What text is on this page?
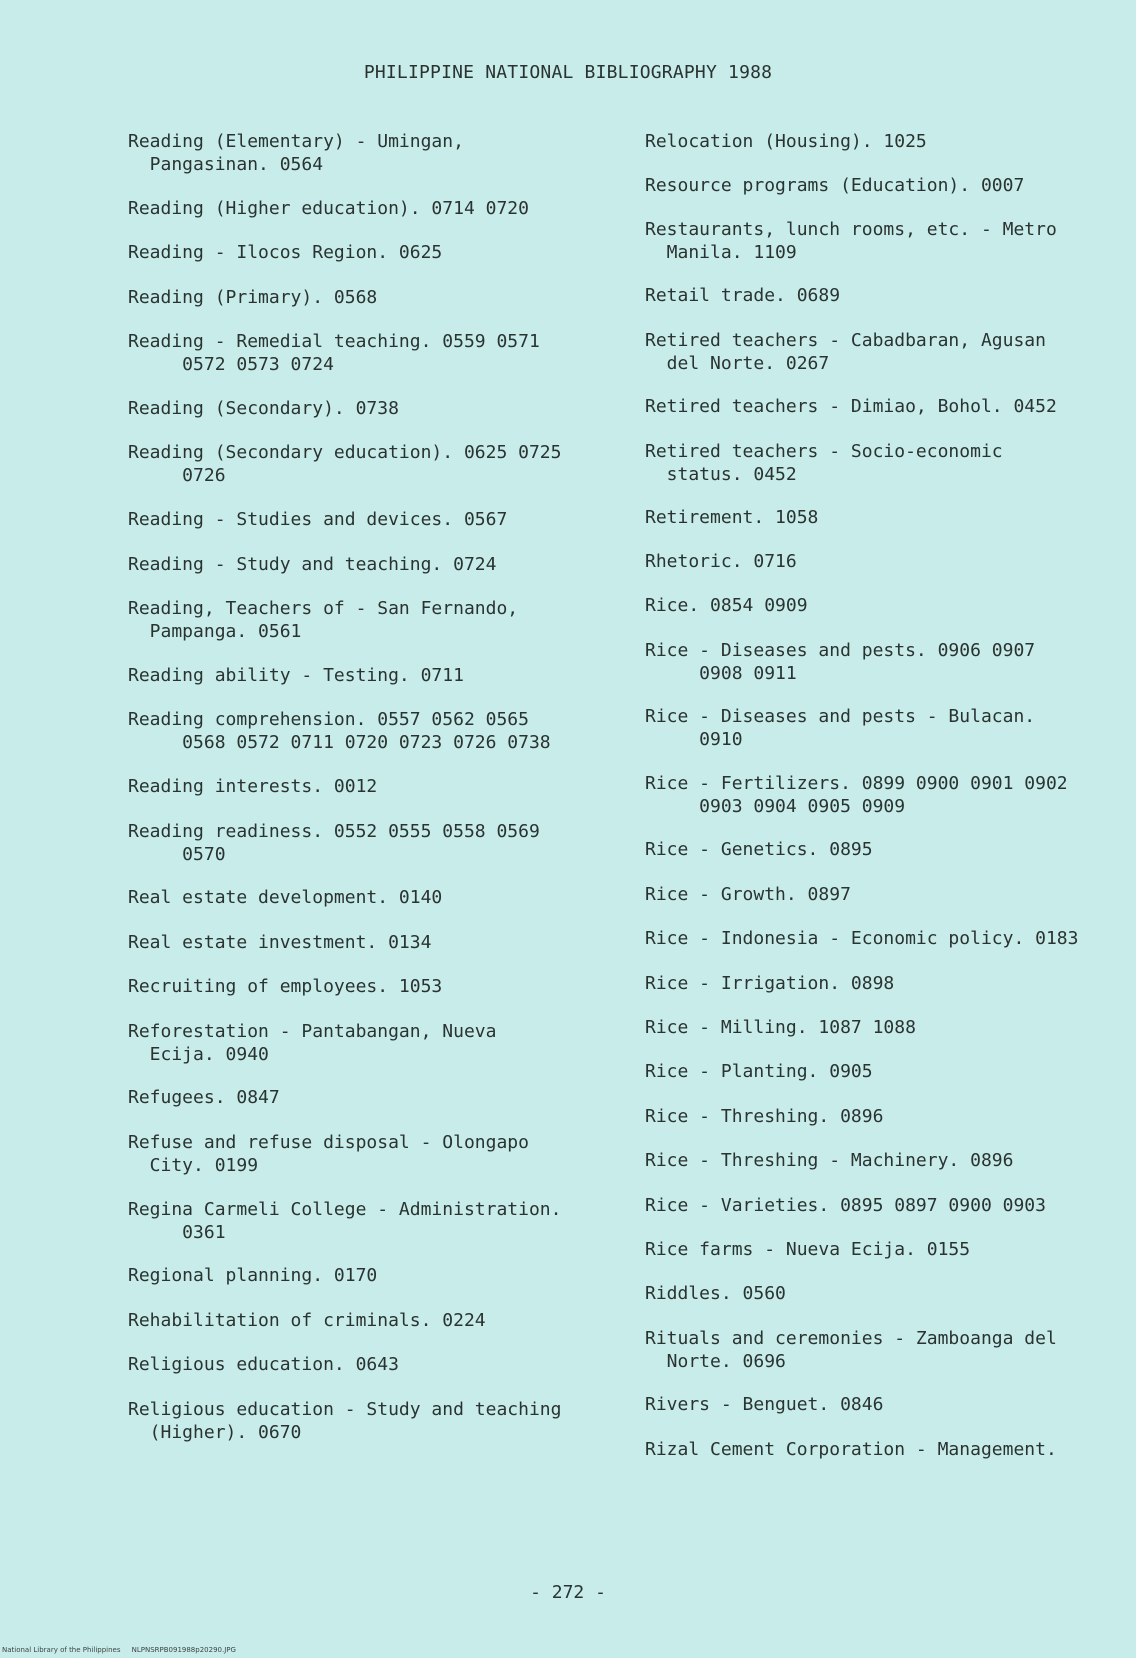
PHILIPPINE NATIONAL BIBLIOGRAPHY 1988
Reading (Elementary) - Umingan,
Pangasinan. 0564
Reading (Higher education). 0714 0720
Reading - Ilocos Region. 0625
Reading (Primary). 0568
Reading - Remedial teaching. 0559 0571
0572 0573 0724
Reading (Secondary). 0738
Reading (Secondary education). 0625 0725
0726
Reading - Studies and devices. 0567
Reading - Study and teaching. 0724
Reading, Teachers of - San Fernando,
Pampanga. 0561
Reading ability - Testing. 0711
Reading comprehension. 0557 0562 0565
0568 0572 0711 0720 0723 0726 0738
Reading interests. 0012
Reading readiness. 0552 0555 0558 0569
0570
Real estate development. 0140
Real estate investment. 0134
Recruiting of employees. 1053
Reforestation - Pantabangan, Nueva
Ecija. 0940
Refugees. 0847
Refuse and refuse disposal - Olongapo
City. 0199
Regina Carmeli College - Administration.
0361
Regional planning. 0170
Rehabilitation of criminals. 0224
Religious education. 0643
Religious education - Study and teaching
(Higher). 0670
Relocation (Housing). 1025
Resource programs (Education). 0007
Restaurants, lunch rooms, etc. - Metro
Manila. 1109
Retail trade. 0689
Retired teachers - Cabadbaran, Agusan
del Norte. 0267
Retired teachers - Dimiao, Bohol. 0452
Retired teachers - Socio-economic
status. 0452
Retirement. 1058
Rhetoric. 0716
Rice. 0854 0909
Rice - Diseases and pests. 0906 0907
0908 0911
Rice - Diseases and pests - Bulacan.
0910
Rice - Fertilizers. 0899 0900 0901 0902
0903 0904 0905 0909
Rice - Genetics. 0895
Rice - Growth. 0897
Rice - Indonesia - Economic policy. 0183
Rice - Irrigation. 0898
Rice - Milling. 1087 1088
Rice - Planting. 0905
Rice - Threshing. 0896
Rice - Threshing - Machinery. 0896
Rice - Varieties. 0895 0897 0900 0903
Rice farms - Nueva Ecija. 0155
Riddles. 0560
Rituals and ceremonies - Zamboanga del
Norte. 0696
Rivers - Benguet. 0846
Rizal Cement Corporation - Management.
- 272 -
National Library of the Philippines     NLPNSRPB091988p20290.JPG
